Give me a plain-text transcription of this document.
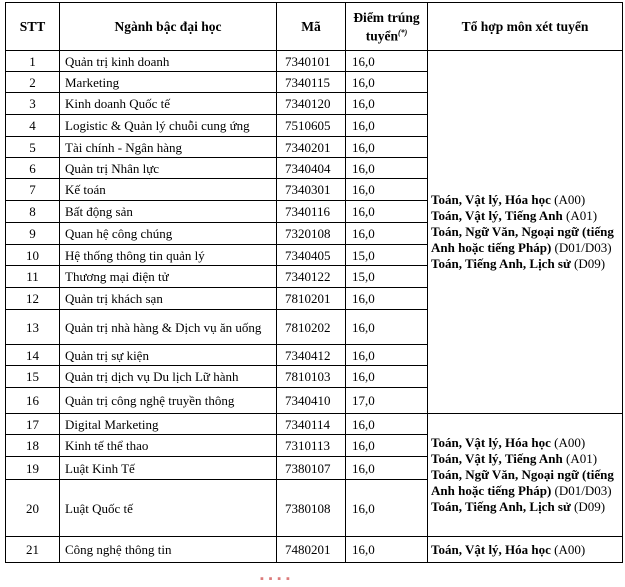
STT	Ngành bậc đại học	Mã	Điểm trúng tuyển(*)	Tổ hợp môn xét tuyển
1	Quản trị kinh doanh	7340101	16,0	Toán, Vật lý, Hóa học (A00)
Toán, Vật lý, Tiếng Anh (A01)
Toán, Ngữ Văn, Ngoại ngữ (tiếng Anh hoặc tiếng Pháp) (D01/D03)
Toán, Tiếng Anh, Lịch sử (D09)

2	Marketing	7340115	16,0	
3	Kinh doanh Quốc tế	7340120	16,0	
4	Logistic & Quản lý chuỗi cung ứng	7510605	16,0	
5	Tài chính - Ngân hàng	7340201	16,0	
6	Quản trị Nhân lực	7340404	16,0	
7	Kế toán	7340301	16,0	
8	Bất động sản	7340116	16,0	
9	Quan hệ công chúng	7320108	16,0	
10	Hệ thống thông tin quản lý	7340405	15,0	
11	Thương mại điện tử	7340122	15,0	
12	Quản trị khách sạn	7810201	16,0	
13	Quản trị nhà hàng & Dịch vụ ăn uống	7810202	16,0	
14	Quản trị sự kiện	7340412	16,0	
15	Quản trị dịch vụ Du lịch Lữ hành	7810103	16,0	
16	Quản trị công nghệ truyền thông	7340410	17,0	
17	Digital Marketing	7340114	16,0	Toán, Vật lý, Hóa học (A00)
Toán, Vật lý, Tiếng Anh (A01)
Toán, Ngữ Văn, Ngoại ngữ (tiếng Anh hoặc tiếng Pháp) (D01/D03)
Toán, Tiếng Anh, Lịch sử (D09)

18	Kinh tế thể thao	7310113	16,0	
19	Luật Kinh Tế	7380107	16,0	
20	Luật Quốc tế	7380108	16,0	
21	Công nghệ thông tin	7480201	16,0	Toán, Vật lý, Hóa học (A00)
▪ ▪ ▪ ▪
